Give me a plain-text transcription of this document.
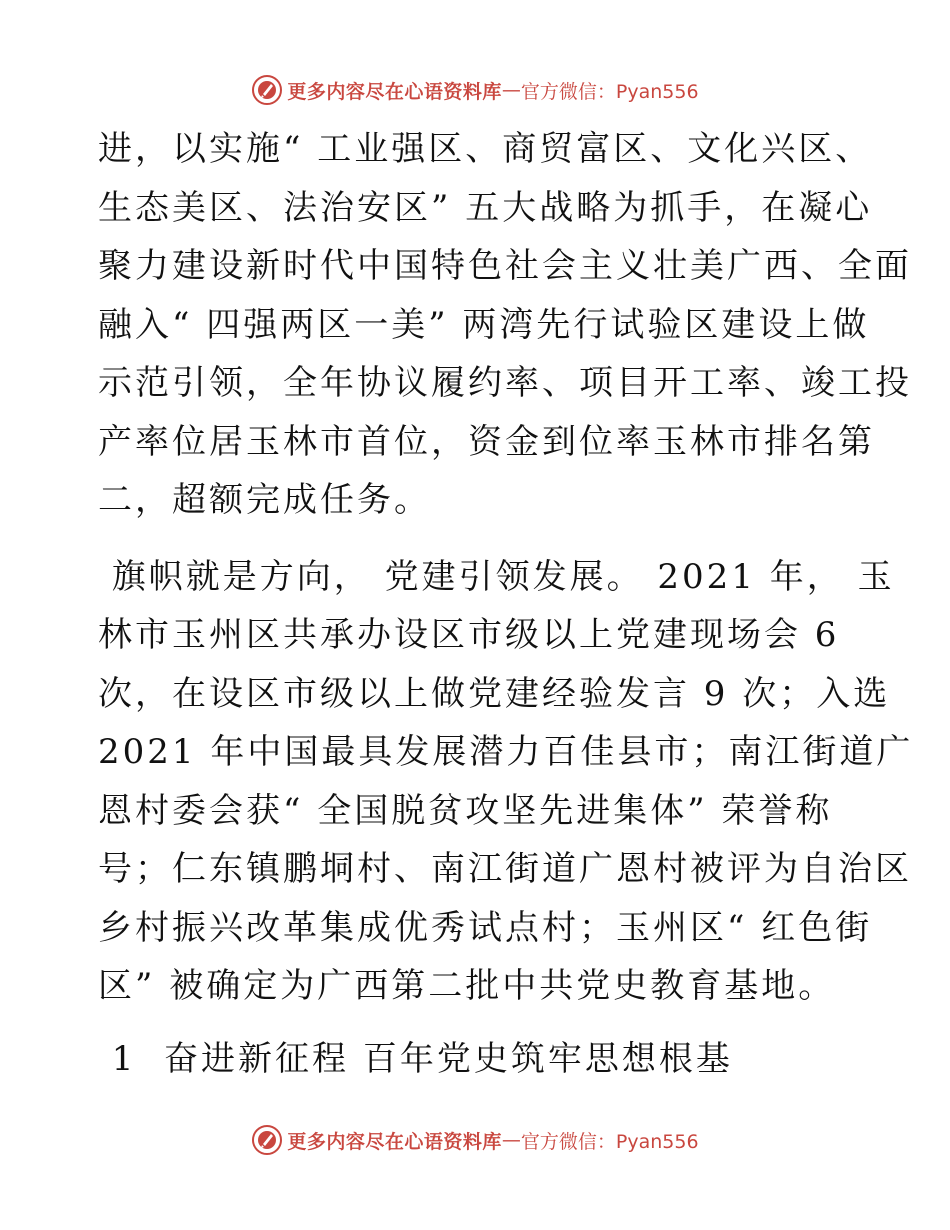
更多内容尽在心语资料库 — 官方微信：Pyan556
进，以实施“ 工业强区、商贸富区、文化兴区、
生态美区、法治安区” 五大战略为抓手，在凝心
聚力建设新时代中国特色社会主义壮美广西、全面
融入“ 四强两区一美” 两湾先行试验区建设上做
示范引领，全年协议履约率、项目开工率、竣工投
产率位居玉林市首位，资金到位率玉林市排名第
二，超额完成任务。
旗帜就是方向， 党建引领发展。 2021 年， 玉
林市玉州区共承办设区市级以上党建现场会 6
次，在设区市级以上做党建经验发言 9 次；入选
2021 年中国最具发展潜力百佳县市；南江街道广
恩村委会获“ 全国脱贫攻坚先进集体” 荣誉称
号；仁东镇鹏垌村、南江街道广恩村被评为自治区
乡村振兴改革集成优秀试点村；玉州区“ 红色街
区” 被确定为广西第二批中共党史教育基地。
1  奋进新征程 百年党史筑牢思想根基
更多内容尽在心语资料库 — 官方微信：Pyan556
